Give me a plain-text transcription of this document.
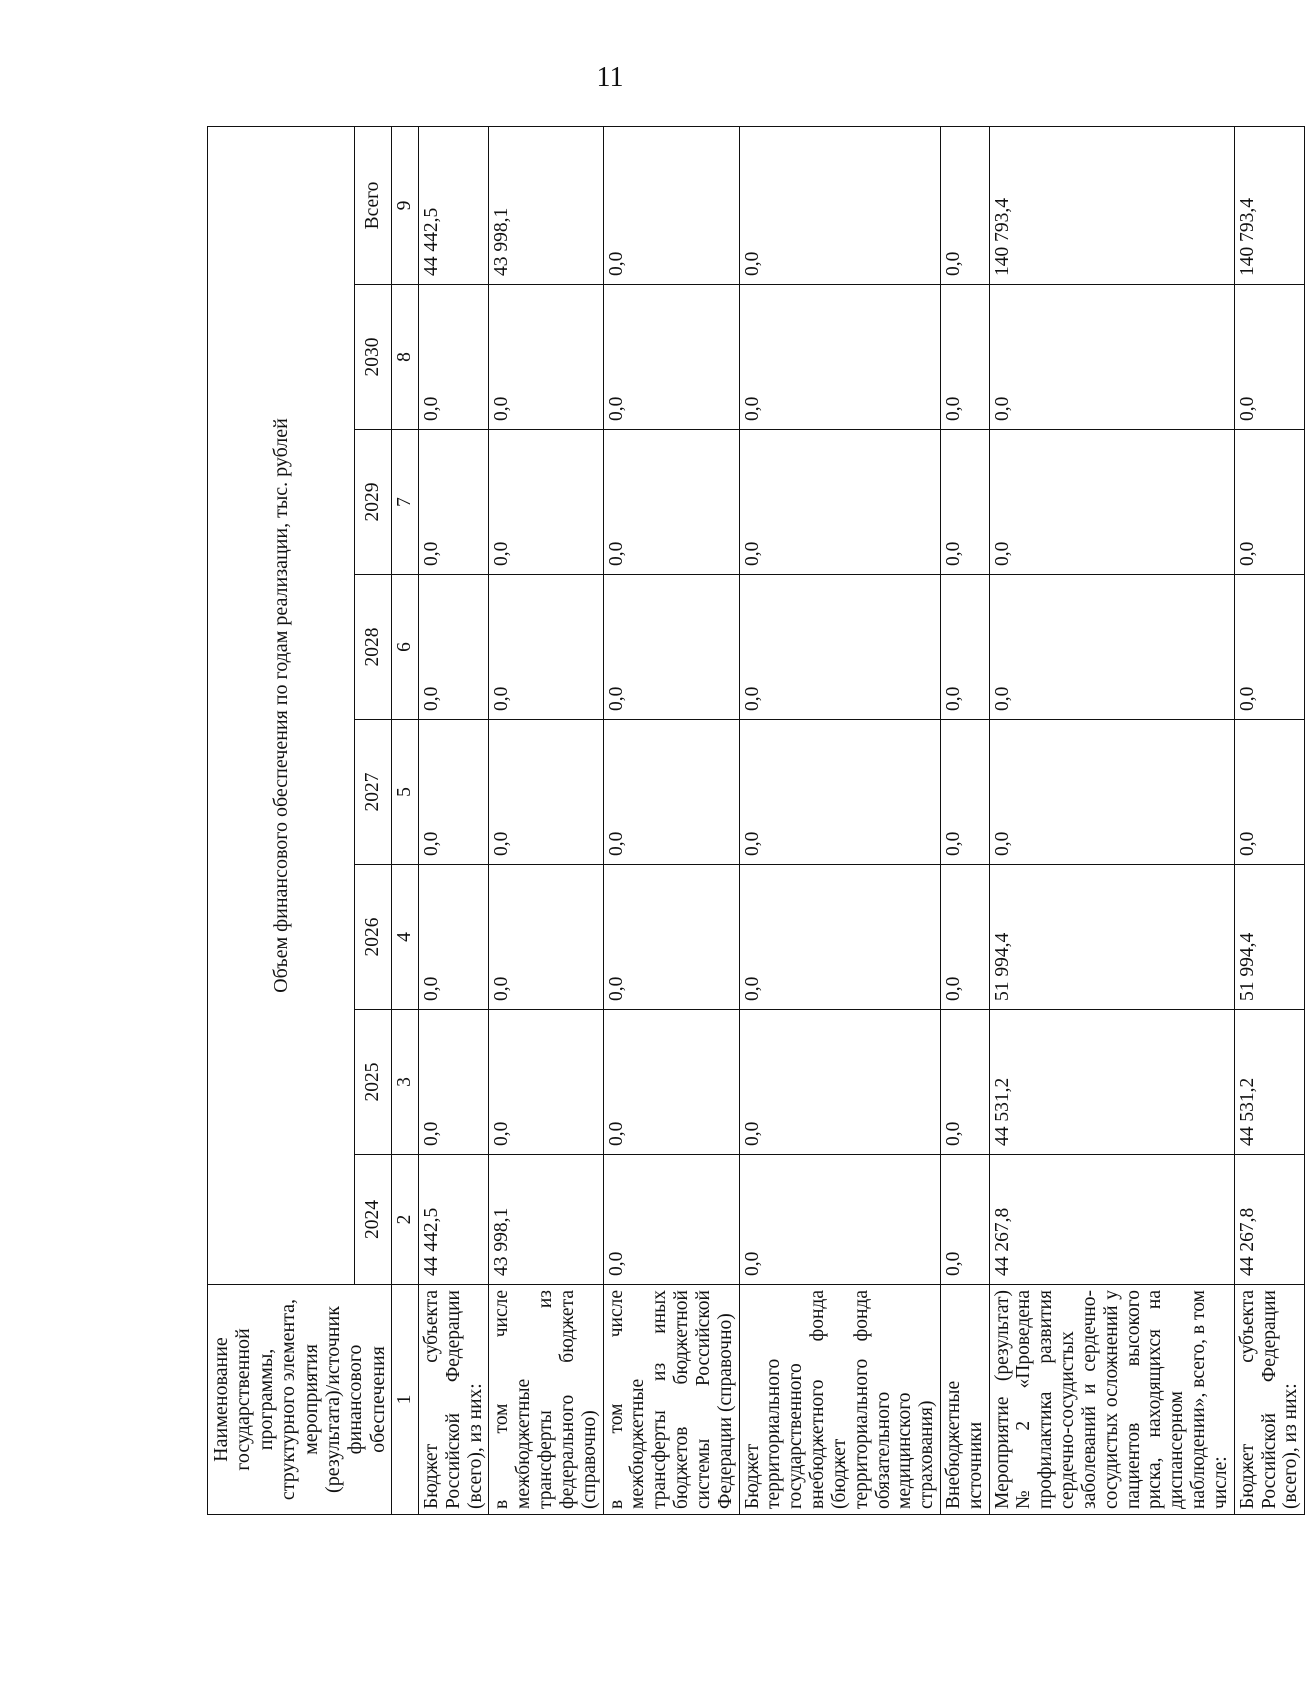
11
Наименование государственной программы, структурного элемента, мероприятия (результата)/источник финансового обеспечения	Объем финансового обеспечения по годам реализации, тыс. рублей							
	2024	2025	2026	2027	2028	2029	2030	Всего
1	2	3	4	5	6	7	8	9
Бюджет субъекта Российской Федерации (всего), из них:	44 442,5	0,0	0,0	0,0	0,0	0,0	0,0	44 442,5
в том числе межбюджетные трансферты из федерального бюджета (справочно)	43 998,1	0,0	0,0	0,0	0,0	0,0	0,0	43 998,1
в том числе межбюджетные трансферты из иных бюджетов бюджетной системы Российской Федерации (справочно)	0,0	0,0	0,0	0,0	0,0	0,0	0,0	0,0
Бюджет территориального государственного внебюджетного фонда (бюджет территориального фонда обязательного медицинского страхования)	0,0	0,0	0,0	0,0	0,0	0,0	0,0	0,0
Внебюджетные источники	0,0	0,0	0,0	0,0	0,0	0,0	0,0	0,0
Мероприятие (результат) № 2 «Проведена профилактика развития сердечно-сосудистых заболеваний и сердечно-сосудистых осложнений у пациентов высокого риска, находящихся на диспансерном наблюдении», всего, в том числе:	44 267,8	44 531,2	51 994,4	0,0	0,0	0,0	0,0	140 793,4
Бюджет субъекта Российской Федерации (всего), из них:	44 267,8	44 531,2	51 994,4	0,0	0,0	0,0	0,0	140 793,4
